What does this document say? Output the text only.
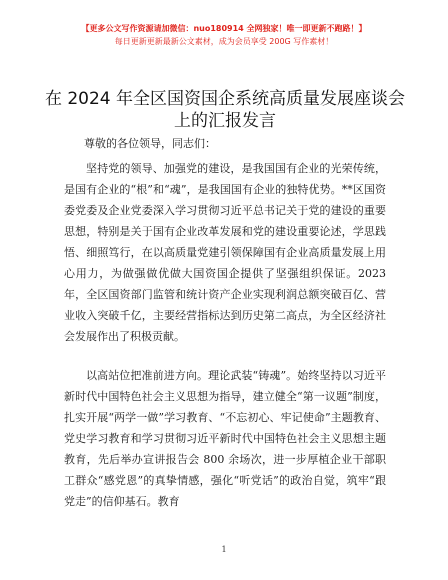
【更多公文写作资源请加微信：nuo180914 全网独家！唯一即更新不跑路！】
每日更新更新最新公文素材，成为会员享受 200G 写作素材！
在 2024 年全区国资国企系统高质量发展座谈会上的汇报发言
尊敬的各位领导，同志们：

坚持党的领导、加强党的建设，是我国国有企业的光荣传统，是国有企业的“根”和“魂”，是我国国有企业的独特优势。**区国资委党委及企业党委深入学习贯彻习近平总书记关于党的建设的重要思想，特别是关于国有企业改革发展和党的建设重要论述，学思践悟、细照笃行，在以高质量党建引领保障国有企业高质量发展上用心用力，为做强做优做大国资国企提供了坚强组织保证。2023 年，全区国资部门监管和统计资产企业实现利润总额突破百亿、营业收入突破千亿，主要经营指标达到历史第二高点，为全区经济社会发展作出了积极贡献。

以高站位把准前进方向。理论武装“铸魂”。始终坚持以习近平新时代中国特色社会主义思想为指导，建立健全“第一议题”制度，扎实开展“两学一做”学习教育、“不忘初心、牢记使命”主题教育、党史学习教育和学习贯彻习近平新时代中国特色社会主义思想主题教育，先后举办宣讲报告会 800 余场次，进一步厚植企业干部职工群众“感党恩”的真挚情感，强化“听党话”的政治自觉，筑牢“跟党走”的信仰基石。教育

1
